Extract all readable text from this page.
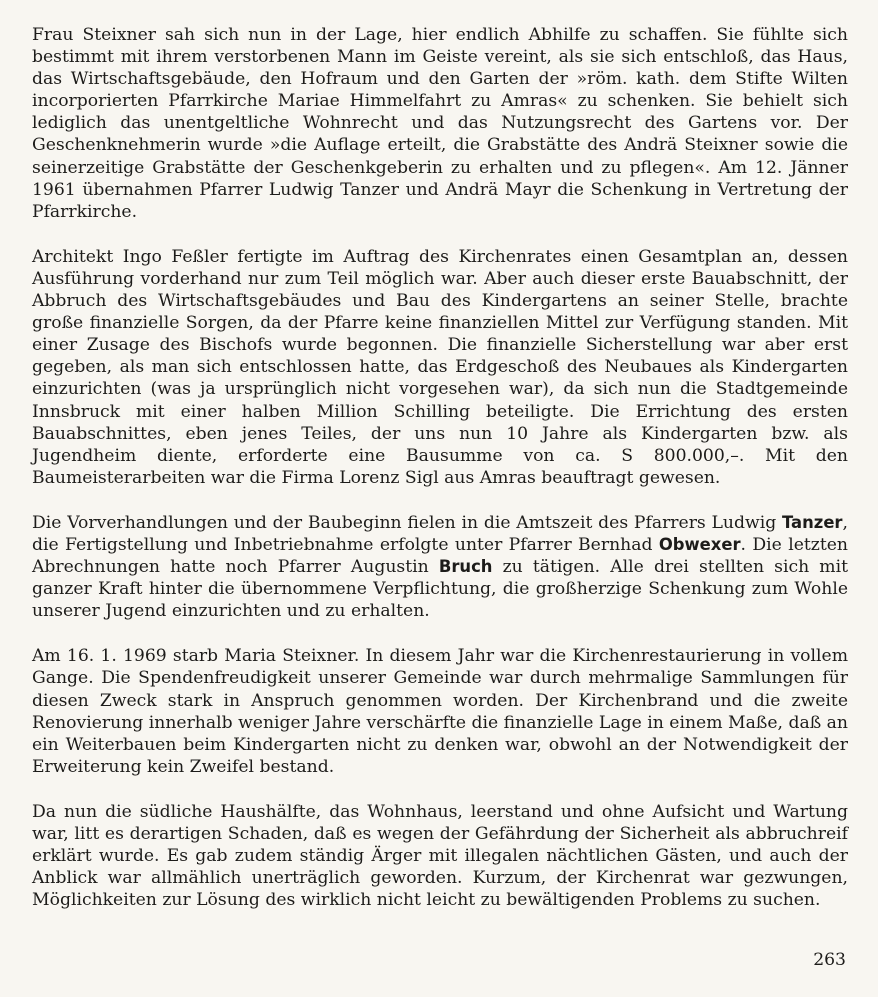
Frau Steixner sah sich nun in der Lage, hier endlich Abhilfe zu schaffen. Sie fühlte sich bestimmt mit ihrem verstorbenen Mann im Geiste vereint, als sie sich entschloß, das Haus, das Wirtschaftsgebäude, den Hofraum und den Garten der »röm. kath. dem Stifte Wilten incorporierten Pfarrkirche Mariae Himmelfahrt zu Amras« zu schenken. Sie behielt sich lediglich das unentgeltliche Wohnrecht und das Nutzungsrecht des Gartens vor. Der Geschenknehmerin wurde »die Auflage erteilt, die Grabstätte des Andrä Steixner sowie die seinerzeitige Grabstätte der Geschenkgeberin zu erhalten und zu pflegen«. Am 12. Jänner 1961 übernahmen Pfarrer Ludwig Tanzer und Andrä Mayr die Schenkung in Vertretung der Pfarrkirche.

Architekt Ingo Feßler fertigte im Auftrag des Kirchenrates einen Gesamtplan an, dessen Ausführung vorderhand nur zum Teil möglich war. Aber auch dieser erste Bauabschnitt, der Abbruch des Wirtschaftsgebäudes und Bau des Kindergartens an seiner Stelle, brachte große finanzielle Sorgen, da der Pfarre keine finanziellen Mittel zur Verfügung standen. Mit einer Zusage des Bischofs wurde begonnen. Die finanzielle Sicherstellung war aber erst gegeben, als man sich entschlossen hatte, das Erdgeschoß des Neubaues als Kindergarten einzurichten (was ja ursprünglich nicht vorgesehen war), da sich nun die Stadtgemeinde Innsbruck mit einer halben Million Schilling beteiligte. Die Errichtung des ersten Bauabschnittes, eben jenes Teiles, der uns nun 10 Jahre als Kindergarten bzw. als Jugendheim diente, erforderte eine Bausumme von ca. S 800.000,–. Mit den Baumeisterarbeiten war die Firma Lorenz Sigl aus Amras beauftragt gewesen.

Die Vorverhandlungen und der Baubeginn fielen in die Amtszeit des Pfarrers Ludwig Tanzer, die Fertigstellung und Inbetriebnahme erfolgte unter Pfarrer Bernhad Obwexer. Die letzten Abrechnungen hatte noch Pfarrer Augustin Bruch zu tätigen. Alle drei stellten sich mit ganzer Kraft hinter die übernommene Verpflichtung, die großherzige Schenkung zum Wohle unserer Jugend einzurichten und zu erhalten.

Am 16. 1. 1969 starb Maria Steixner. In diesem Jahr war die Kirchenrestaurierung in vollem Gange. Die Spendenfreudigkeit unserer Gemeinde war durch mehrmalige Sammlungen für diesen Zweck stark in Anspruch genommen worden. Der Kirchenbrand und die zweite Renovierung innerhalb weniger Jahre verschärfte die finanzielle Lage in einem Maße, daß an ein Weiterbauen beim Kindergarten nicht zu denken war, obwohl an der Notwendigkeit der Erweiterung kein Zweifel bestand.

Da nun die südliche Haushälfte, das Wohnhaus, leerstand und ohne Aufsicht und Wartung war, litt es derartigen Schaden, daß es wegen der Gefährdung der Sicherheit als abbruchreif erklärt wurde. Es gab zudem ständig Ärger mit illegalen nächtlichen Gästen, und auch der Anblick war allmählich unerträglich geworden. Kurzum, der Kirchenrat war gezwungen, Möglichkeiten zur Lösung des wirklich nicht leicht zu bewältigenden Problems zu suchen.

263
